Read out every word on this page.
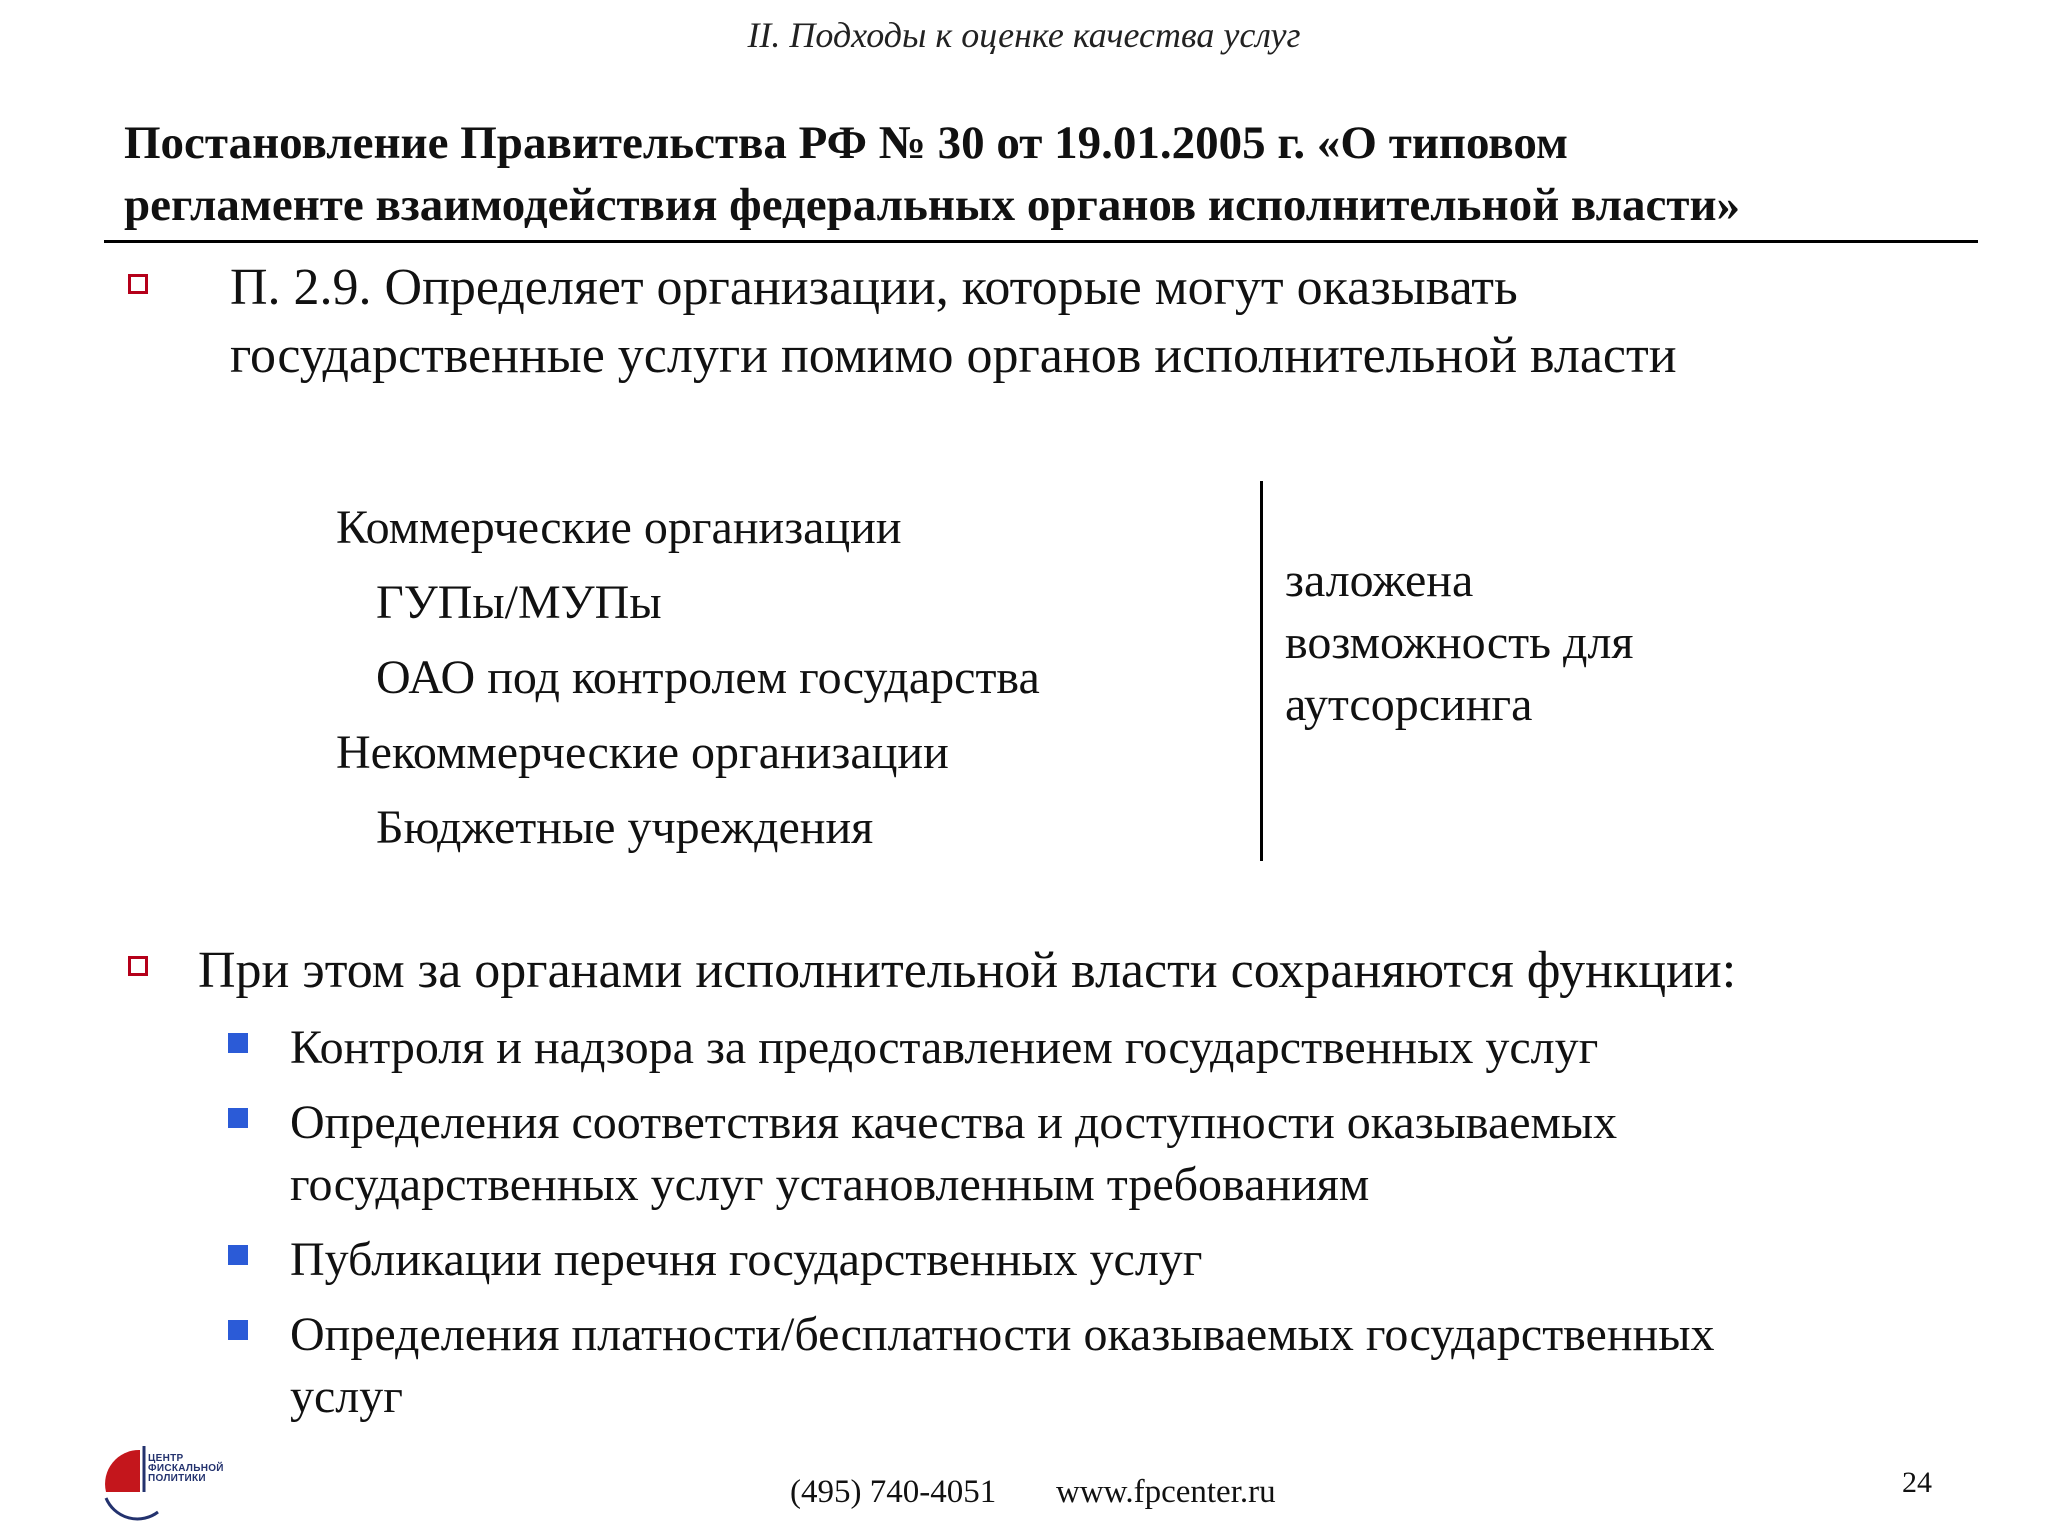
II. Подходы к оценке качества услуг
Постановление Правительства РФ № 30 от 19.01.2005 г. «О типовом
регламенте взаимодействия федеральных органов исполнительной власти»
П. 2.9. Определяет организации, которые могут оказывать
государственные услуги помимо органов исполнительной власти
Коммерческие организации
ГУПы/МУПы
ОАО под контролем государства
Некоммерческие организации
Бюджетные учреждения
заложена
возможность для
аутсорсинга
При этом за органами исполнительной власти сохраняются функции:
Контроля и надзора за предоставлением государственных услуг
Определения соответствия качества и доступности оказываемых
государственных услуг установленным требованиям
Публикации перечня государственных услуг
Определения платности/бесплатности оказываемых государственных
услуг
ЦЕНТР
ФИСКАЛЬНОЙ
ПОЛИТИКИ	(495) 740-4051 www.fpcenter.ru	24
